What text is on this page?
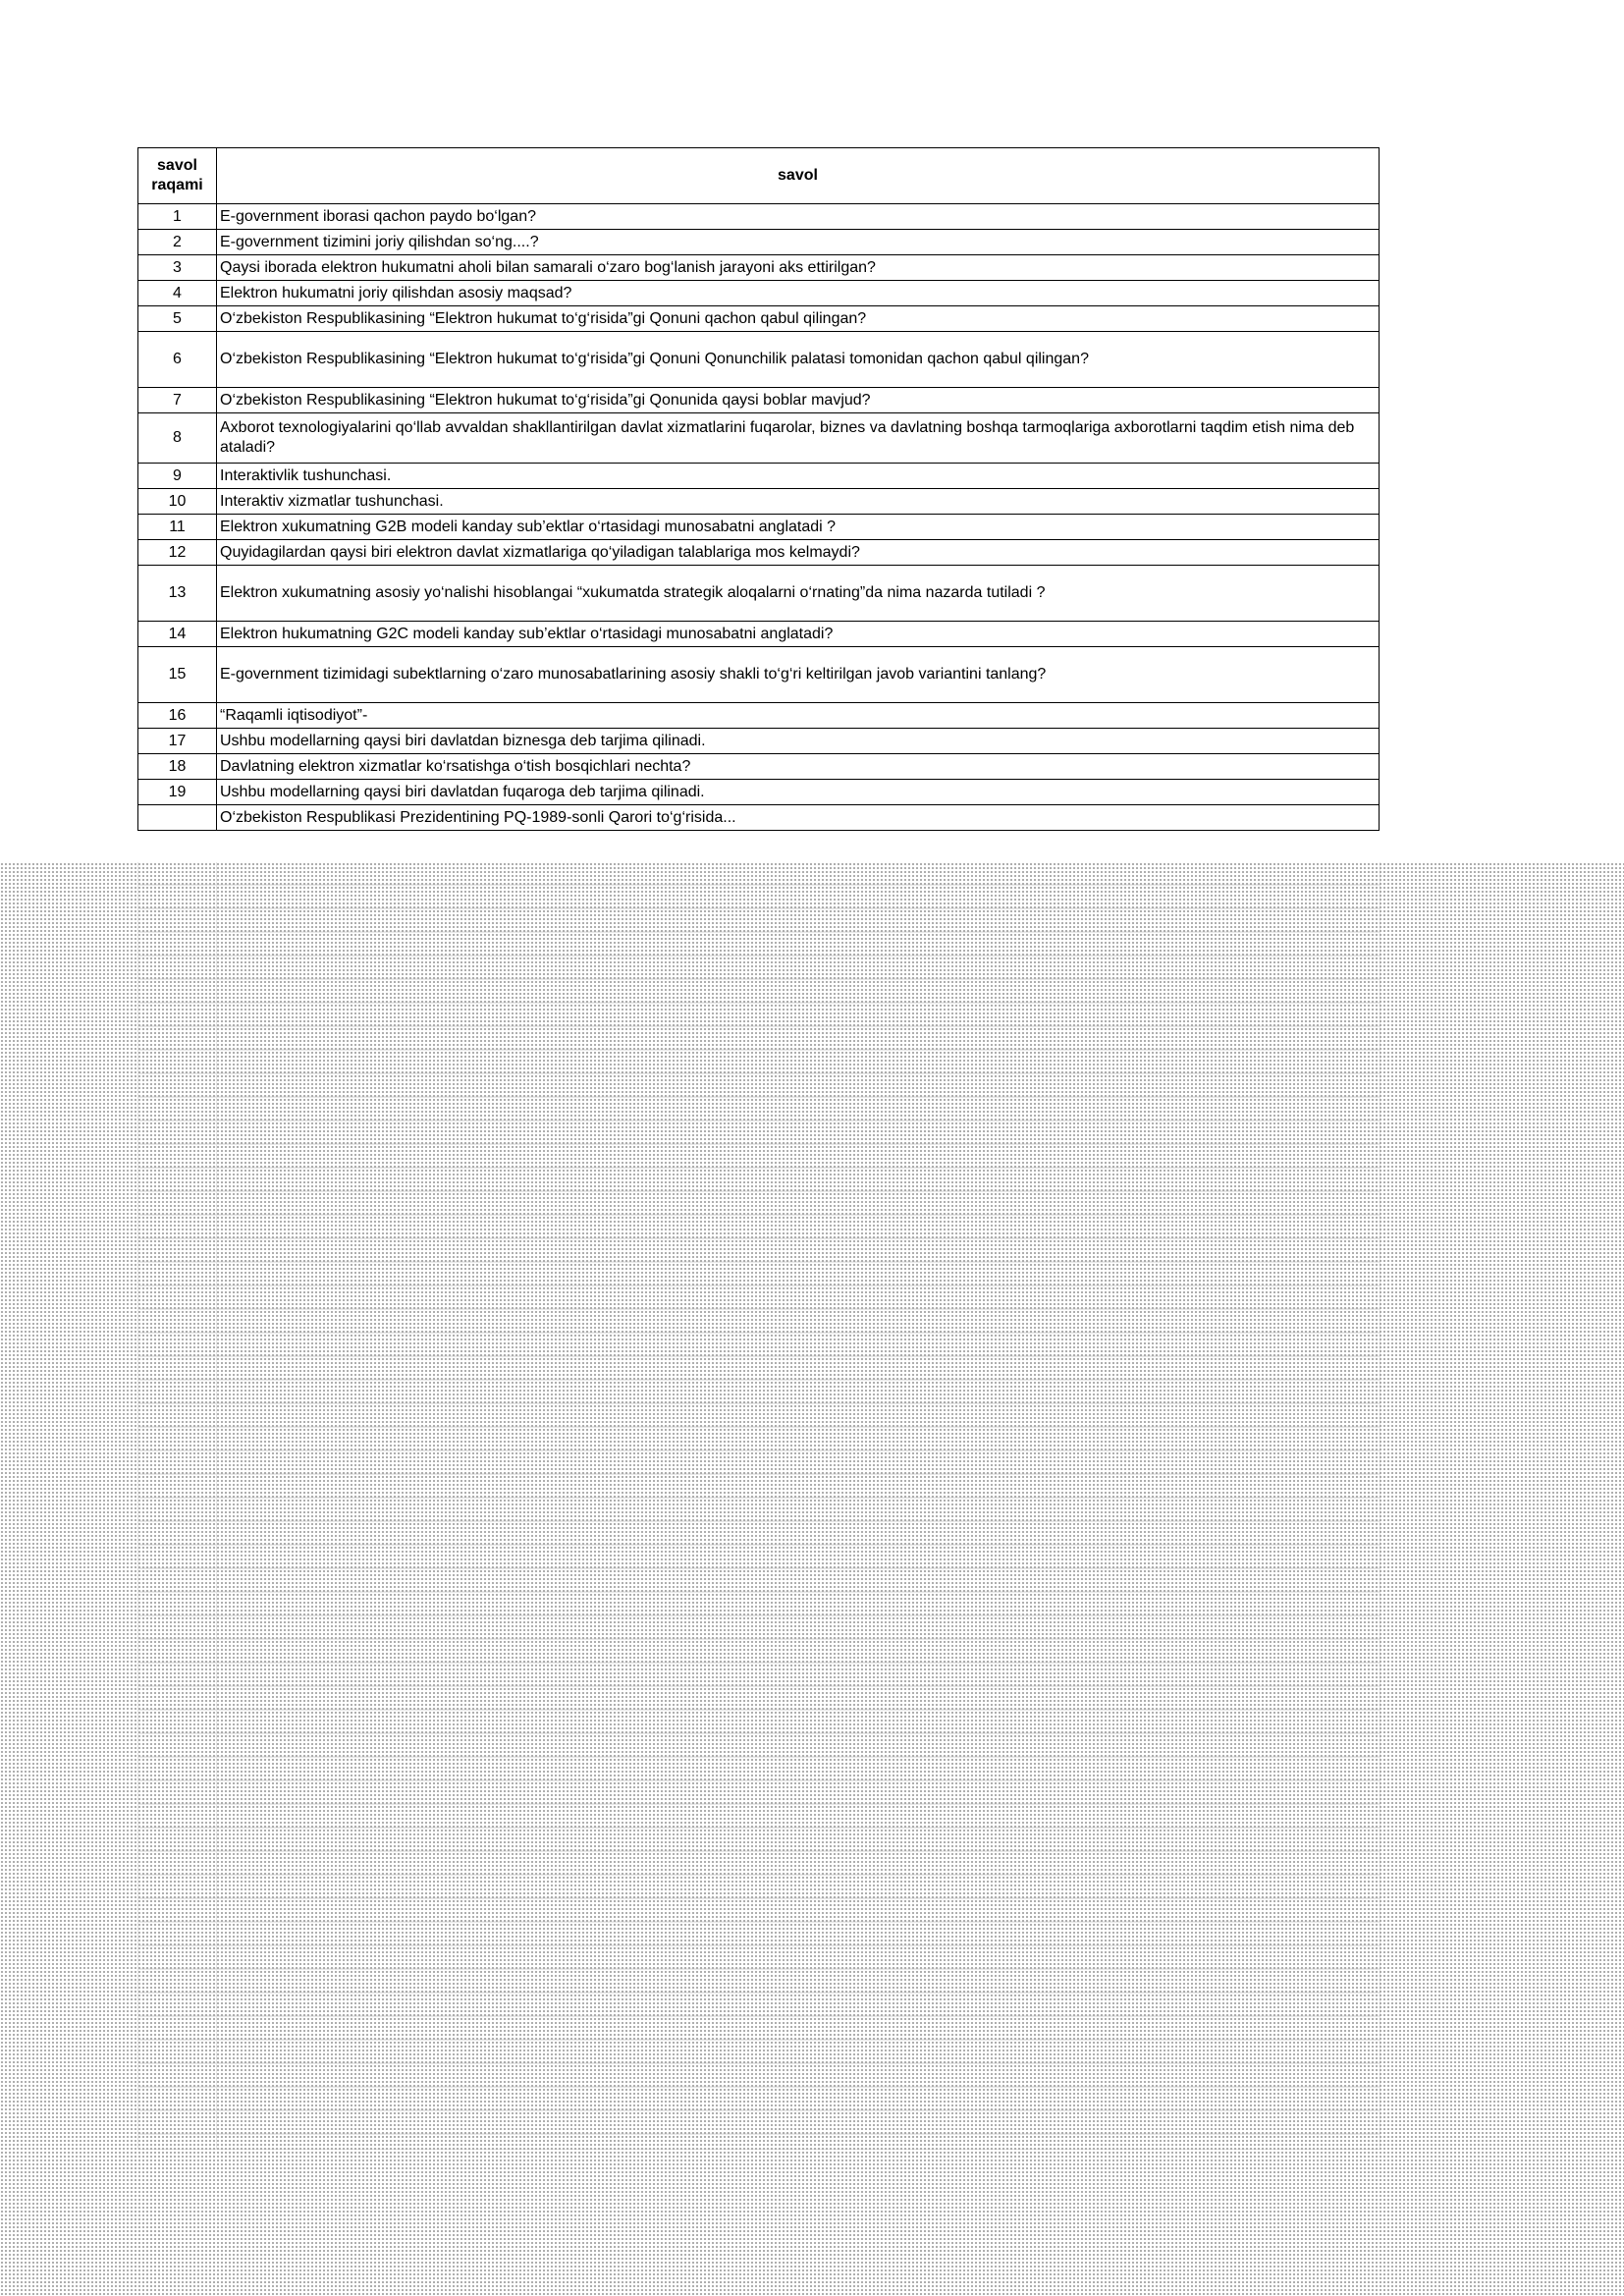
savol raqami	savol
1	E-government iborasi qachon paydo bo‘lgan?
2	E-government tizimini joriy qilishdan so‘ng....?
3	Qaysi iborada elektron hukumatni aholi bilan samarali o‘zaro bog‘lanish jarayoni aks ettirilgan?
4	Elektron hukumatni joriy qilishdan asosiy maqsad?
5	O‘zbekiston Respublikasining “Elektron hukumat to‘g‘risida”gi Qonuni qachon qabul qilingan?
6	O‘zbekiston Respublikasining “Elektron hukumat to‘g‘risida”gi Qonuni Qonunchilik palatasi tomonidan qachon qabul qilingan?
7	O‘zbekiston Respublikasining “Elektron hukumat to‘g‘risida”gi Qonunida qaysi boblar mavjud?
8	Axborot texnologiyalarini qo‘llab avvaldan shakllantirilgan davlat xizmatlarini fuqarolar, biznes va davlatning boshqa tarmoqlariga axborotlarni taqdim etish nima deb ataladi?
9	Interaktivlik tushunchasi.
10	Interaktiv xizmatlar tushunchasi.
11	Elektron xukumatning G2B modeli kanday sub’ektlar o‘rtasidagi munosabatni anglatadi ?
12	Quyidagilardan qaysi biri elektron davlat xizmatlariga qo‘yiladigan talablariga mos kelmaydi?
13	Elektron xukumatning asosiy yo‘nalishi hisoblangai “xukumatda strategik aloqalarni o‘rnating”da nima nazarda tutiladi ?
14	Elektron hukumatning G2C modeli kanday sub’ektlar o‘rtasidagi munosabatni anglatadi?
15	E-government tizimidagi subektlarning o‘zaro munosabatlarining asosiy shakli to‘g‘ri keltirilgan javob variantini tanlang?
16	“Raqamli iqtisodiyot”-
17	Ushbu modellarning qaysi biri davlatdan biznesga deb tarjima qilinadi.
18	Davlatning elektron xizmatlar ko‘rsatishga o‘tish bosqichlari nechta?
19	Ushbu modellarning qaysi biri davlatdan fuqaroga deb tarjima qilinadi.
	O‘zbekiston Respublikasi Prezidentining PQ-1989-sonli Qarori to‘g‘risida...
